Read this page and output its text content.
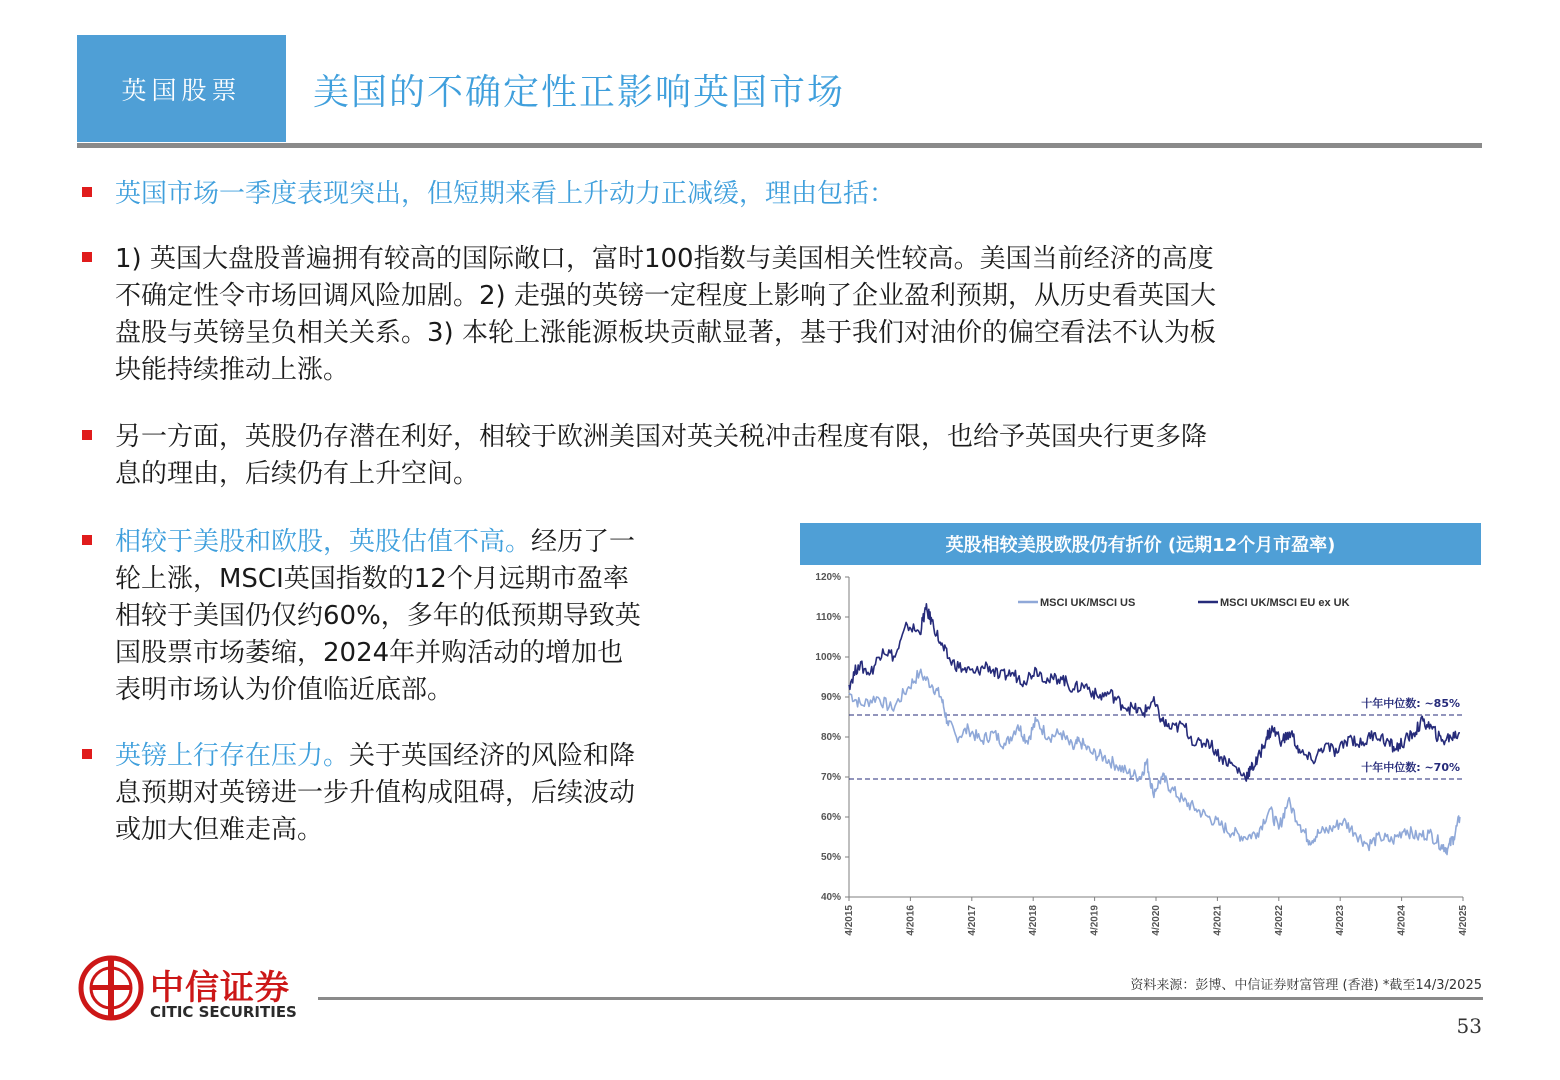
英国股票	美国的不确定性正影响英国市场
英国市场一季度表现突出，但短期来看上升动力正减缓，理由包括：
1) 英国大盘股普遍拥有较高的国际敞口，富时100指数与美国相关性较高。美国当前经济的高度
不确定性令市场回调风险加剧。2) 走强的英镑一定程度上影响了企业盈利预期，从历史看英国大
盘股与英镑呈负相关关系。3) 本轮上涨能源板块贡献显著，基于我们对油价的偏空看法不认为板
块能持续推动上涨。
另一方面，英股仍存潜在利好，相较于欧洲美国对英关税冲击程度有限，也给予英国央行更多降
息的理由，后续仍有上升空间。
相较于美股和欧股，英股估值不高。经历了一
轮上涨，MSCI英国指数的12个月远期市盈率
相较于美国仍仅约60%，多年的低预期导致英
国股票市场萎缩，2024年并购活动的增加也
表明市场认为价值临近底部。
英镑上行存在压力。关于英国经济的风险和降
息预期对英镑进一步升值构成阻碍，后续波动
或加大但难走高。
英股相较美股欧股仍有折价 (远期12个月市盈率)
120%
110%
100%
90%
80%
70%
60%
50%
40%
4/2015	4/2016	4/2017	4/2018	4/2019	4/2020	4/2021	4/2022	4/2023	4/2024	4/2025
十年中位数: ~85%
十年中位数: ~70%
MSCI UK/MSCI US	MSCI UK/MSCI EU ex UK
中信证券
CITIC SECURITIES
资料来源：彭博、中信证券财富管理 (香港) *截至14/3/2025
53
